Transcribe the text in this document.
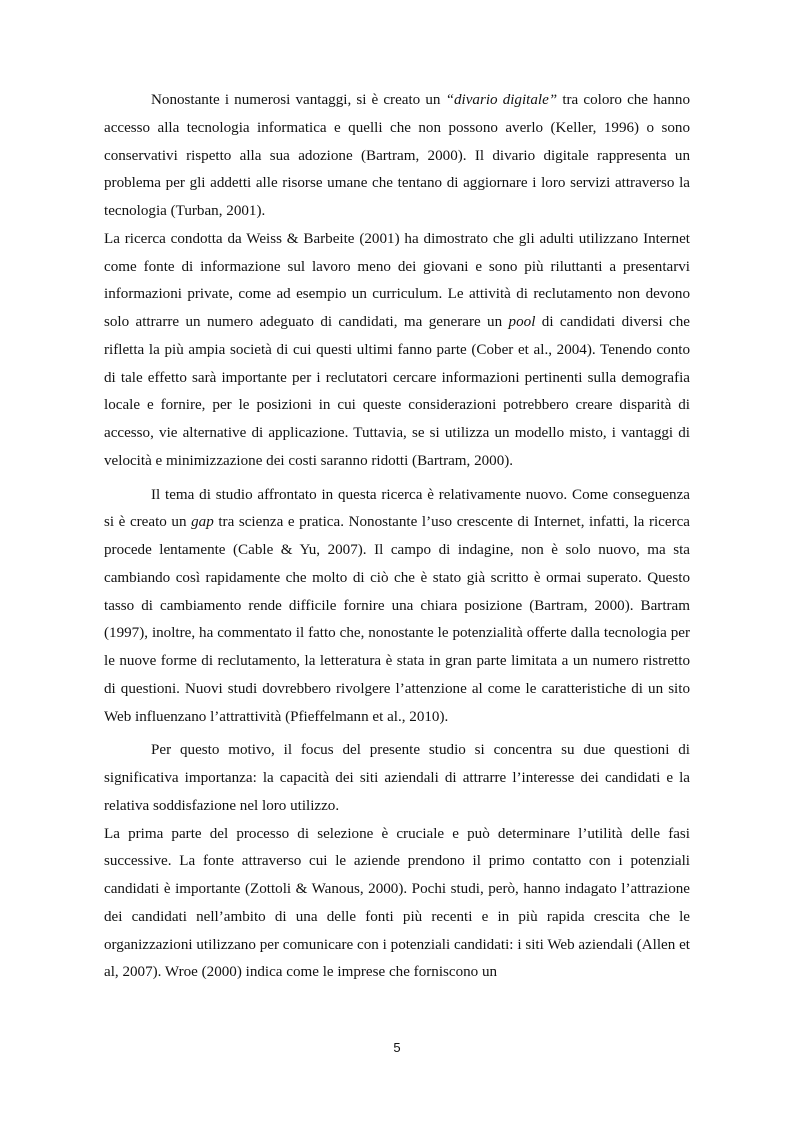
Nonostante i numerosi vantaggi, si è creato un “divario digitale” tra coloro che hanno accesso alla tecnologia informatica e quelli che non possono averlo (Keller, 1996) o sono conservativi rispetto alla sua adozione (Bartram, 2000). Il divario digitale rappresenta un problema per gli addetti alle risorse umane che tentano di aggiornare i loro servizi attraverso la tecnologia (Turban, 2001).

La ricerca condotta da Weiss & Barbeite (2001) ha dimostrato che gli adulti utilizzano Internet come fonte di informazione sul lavoro meno dei giovani e sono più riluttanti a presentarvi informazioni private, come ad esempio un curriculum. Le attività di reclutamento non devono solo attrarre un numero adeguato di candidati, ma generare un pool di candidati diversi che rifletta la più ampia società di cui questi ultimi fanno parte (Cober et al., 2004). Tenendo conto di tale effetto sarà importante per i reclutatori cercare informazioni pertinenti sulla demografia locale e fornire, per le posizioni in cui queste considerazioni potrebbero creare disparità di accesso, vie alternative di applicazione. Tuttavia, se si utilizza un modello misto, i vantaggi di velocità e minimizzazione dei costi saranno ridotti (Bartram, 2000).

Il tema di studio affrontato in questa ricerca è relativamente nuovo. Come conseguenza si è creato un gap tra scienza e pratica. Nonostante l’uso crescente di Internet, infatti, la ricerca procede lentamente (Cable & Yu, 2007). Il campo di indagine, non è solo nuovo, ma sta cambiando così rapidamente che molto di ciò che è stato già scritto è ormai superato. Questo tasso di cambiamento rende difficile fornire una chiara posizione (Bartram, 2000). Bartram (1997), inoltre, ha commentato il fatto che, nonostante le potenzialità offerte dalla tecnologia per le nuove forme di reclutamento, la letteratura è stata in gran parte limitata a un numero ristretto di questioni. Nuovi studi dovrebbero rivolgere l’attenzione al come le caratteristiche di un sito Web influenzano l’attrattività (Pfieffelmann et al., 2010).

Per questo motivo, il focus del presente studio si concentra su due questioni di significativa importanza: la capacità dei siti aziendali di attrarre l’interesse dei candidati e la relativa soddisfazione nel loro utilizzo.

La prima parte del processo di selezione è cruciale e può determinare l’utilità delle fasi successive. La fonte attraverso cui le aziende prendono il primo contatto con i potenziali candidati è importante (Zottoli & Wanous, 2000). Pochi studi, però, hanno indagato l’attrazione dei candidati nell’ambito di una delle fonti più recenti e in più rapida crescita che le organizzazioni utilizzano per comunicare con i potenziali candidati: i siti Web aziendali (Allen et al, 2007). Wroe (2000) indica come le imprese che forniscono un

5
